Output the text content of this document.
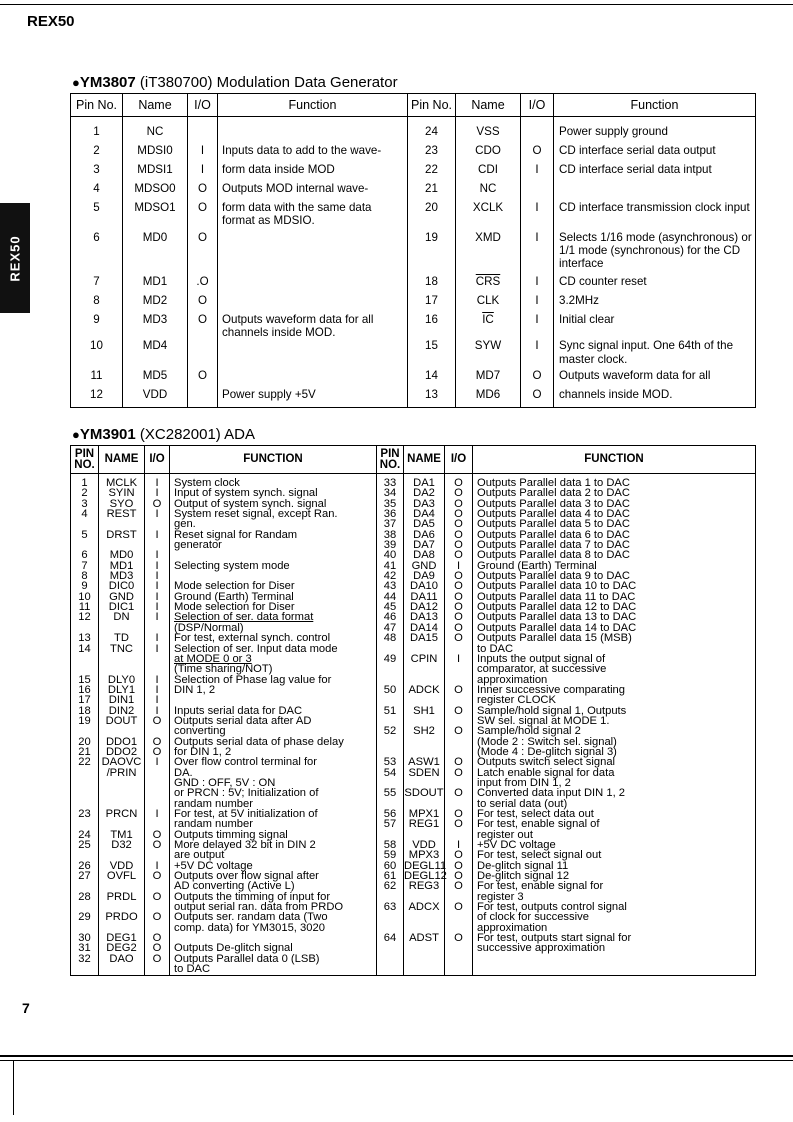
REX50
REX50
●YM3807 (iT380700) Modulation Data Generator
Pin No.	Name	I/O	Function	Pin No.	Name	I/O	Function

1	NC			24	VSS		Power supply ground
2	MDSI0	I	Inputs data to add to the wave-	23	CDO	O	CD interface serial data output
3	MDSI1	I	form data inside MOD	22	CDI	I	CD interface serial data intput
4	MDSO0	O	Outputs MOD internal wave-	21	NC		
5	MDSO1	O	form data with the same data format as MDSIO.	20	XCLK	I	CD interface transmission clock input
6	MD0	O		19	XMD	I	Selects 1/16 mode (asynchronous) or 1/1 mode (synchronous) for the CD interface
7	MD1	.O		18	$\overline{CRS}$	I	CD counter reset
8	MD2	O		17	CLK	I	3.2MHz
9	MD3	O	Outputs waveform data for all channels inside MOD.	16	$\overline{IC}$	I	Initial clear
10	MD4			15	SYW	I	Sync signal input. One 64th of the master clock.
11	MD5	O		14	MD7	O	Outputs waveform data for all
12	VDD		Power supply +5V	13	MD6	O	channels inside MOD.
●YM3901 (XC282001) ADA
PIN NO.	NAME	I/O	FUNCTION	PIN NO.	NAME	I/O	FUNCTION

1	MCLK	I	System clock	33	DA1	O	Outputs Parallel data 1 to DAC
2	SYIN	I	Input of system synch. signal	34	DA2	O	Outputs Parallel data 2 to DAC
3	SYO	O	Output of system synch. signal	35	DA3	O	Outputs Parallel data 3 to DAC
4	REST	I	System reset signal, except Ran.	36	DA4	O	Outputs Parallel data 4 to DAC
			gen.	37	DA5	O	Outputs Parallel data 5 to DAC
5	DRST	I	Reset signal for Randam	38	DA6	O	Outputs Parallel data 6 to DAC
			generator	39	DA7	O	Outputs Parallel data 7 to DAC
6	MD0	I		40	DA8	O	Outputs Parallel data 8 to DAC
7	MD1	I	Selecting system mode	41	GND	I	Ground (Earth) Terminal
8	MD3	I		42	DA9	O	Outputs Parallel data 9 to DAC
9	DIC0	I	Mode selection for Diser	43	DA10	O	Outputs Parallel data 10 to DAC
10	GND	I	Ground (Earth) Terminal	44	DA11	O	Outputs Parallel data 11 to DAC
11	DIC1	I	Mode selection for Diser	45	DA12	O	Outputs Parallel data 12 to DAC
12	DN	I	Selection of ser. data format	46	DA13	O	Outputs Parallel data 13 to DAC
			(DSP/Normal)	47	DA14	O	Outputs Parallel data 14 to DAC
13	TD	I	For test, external synch. control	48	DA15	O	Outputs Parallel data 15 (MSB)
14	TNC	I	Selection of ser. Input data mode				to DAC
			at MODE 0 or 3	49	CPIN	I	Inputs the output signal of
			(Time sharing/NOT)				comparator, at successive
15	DLY0	I	Selection of Phase lag value for				approximation
16	DLY1	I	DIN 1, 2	50	ADCK	O	Inner successive comparating
17	DIN1	I					register CLOCK
18	DIN2	I	Inputs serial data for DAC	51	SH1	O	Sample/hold signal 1, Outputs
19	DOUT	O	Outputs serial data after AD				SW sel. signal at MODE 1.
			converting	52	SH2	O	Sample/hold signal 2
20	DDO1	O	Outputs serial data of phase delay				(Mode 2 : Switch sel. signal)
21	DDO2	O	for DIN 1, 2				(Mode 4 : De-glitch signal 3)
22	DAOVC	I	Over flow control terminal for	53	ASW1	O	Outputs switch select signal
	/PRIN		DA.	54	SDEN	O	Latch enable signal for data
			GND : OFF, 5V : ON				input from DIN 1, 2
			or PRCN : 5V; Initialization of	55	SDOUT	O	Converted data input DIN 1, 2
			randam number				to serial data (out)
23	PRCN	I	For test, at 5V initialization of	56	MPX1	O	For test, select data out
			randam number	57	REG1	O	For test, enable signal of
24	TM1	O	Outputs timming signal				register out
25	D32	O	More delayed 32 bit in DIN 2	58	VDD	I	+5V DC voltage
			are output	59	MPX3	O	For test, select signal out
26	VDD	I	+5V DC voltage	60	DEGL11	O	De-glitch signal 11
27	OVFL	O	Outputs over flow signal after	61	DEGL12	O	De-glitch signal 12
			AD converting (Active L)	62	REG3	O	For test, enable signal for
28	PRDL	O	Outputs the timming of input for				register 3
			output serial ran. data from PRDO	63	ADCX	O	For test, outputs control signal
29	PRDO	O	Outputs ser. randam data (Two				of clock for successive
			comp. data) for YM3015, 3020				approximation
30	DEG1	O		64	ADST	O	For test, outputs start signal for
31	DEG2	O	Outputs De-glitch signal				successive approximation
32	DAO	O	Outputs Parallel data 0 (LSB)				
			to DAC				
7
